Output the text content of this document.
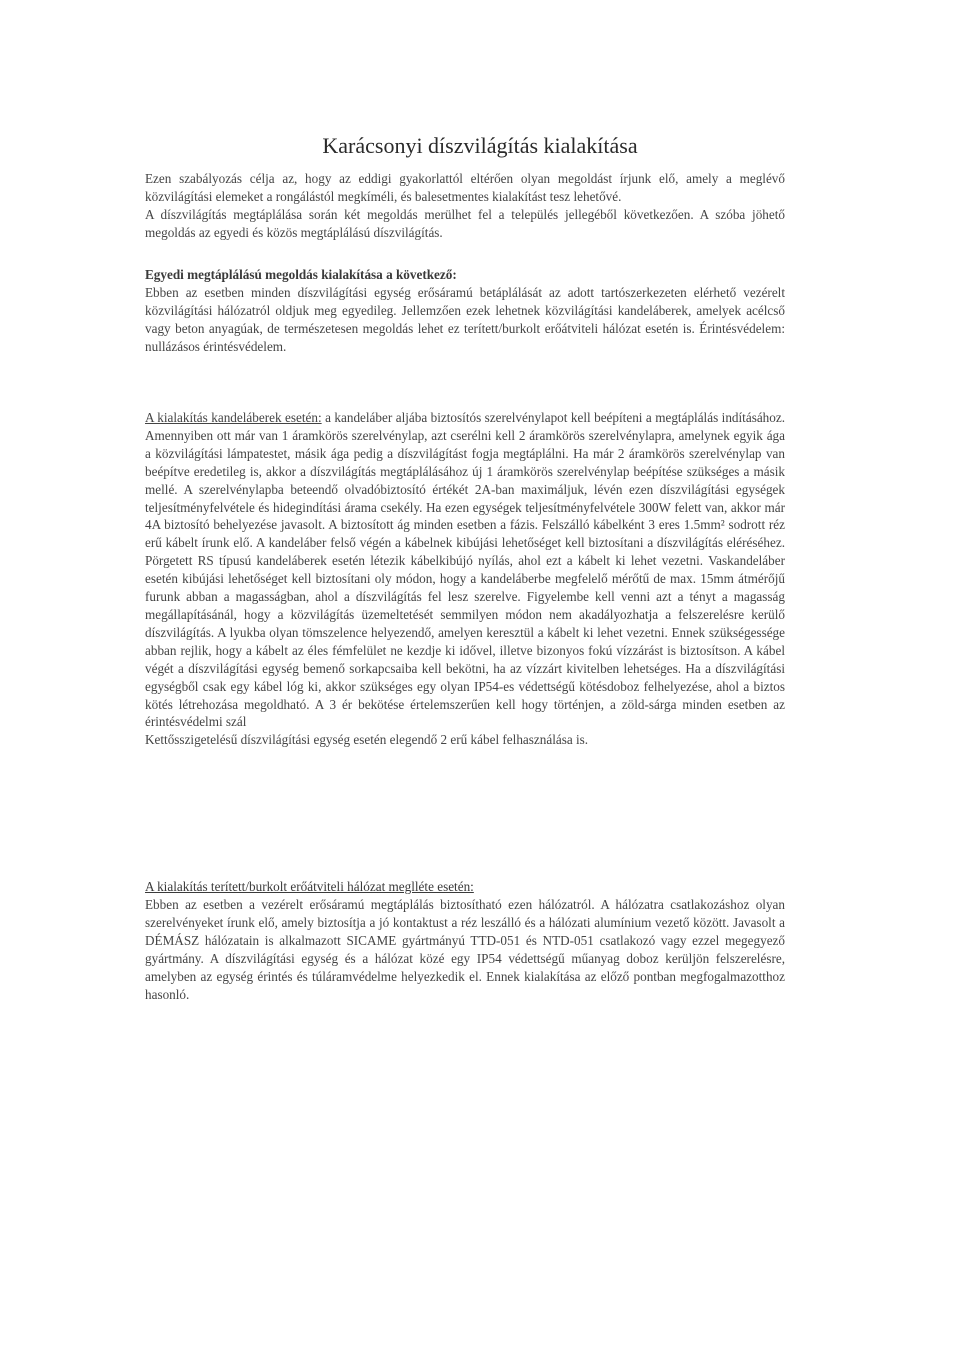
Karácsonyi díszvilágítás kialakítása

Ezen szabályozás célja az, hogy az eddigi gyakorlattól eltérően olyan megoldást írjunk elő, amely a meglévő közvilágítási elemeket a rongálástól megkíméli, és balesetmentes kialakítást tesz lehetővé.
A díszvilágítás megtáplálása során két megoldás merülhet fel a település jellegéből következően. A szóba jöhető megoldás az egyedi és közös megtáplálású díszvilágítás.

Egyedi megtáplálású megoldás kialakítása a következő:

Ebben az esetben minden díszvilágítási egység erősáramú betáplálását az adott tartószerkezeten elérhető vezérelt közvilágítási hálózatról oldjuk meg egyedileg. Jellemzően ezek lehetnek közvilágítási kandeláberek, amelyek acélcső vagy beton anyagúak, de természetesen megoldás lehet ez terített/burkolt erőátviteli hálózat esetén is. Érintésvédelem: nullázásos érintésvédelem.

A kialakítás kandeláberek esetén: a kandeláber aljába biztosítós szerelvénylapot kell beépíteni a megtáplálás indításához. Amennyiben ott már van 1 áramkörös szerelvénylap, azt cserélni kell 2 áramkörös szerelvénylapra, amelynek egyik ága a közvilágítási lámpatestet, másik ága pedig a díszvilágítást fogja megtáplálni. Ha már 2 áramkörös szerelvénylap van beépítve eredetileg is, akkor a díszvilágítás megtáplálásához új 1 áramkörös szerelvénylap beépítése szükséges a másik mellé. A szerelvénylapba beteendő olvadóbiztosító értékét 2A-ban maximáljuk, lévén ezen díszvilágítási egységek teljesítményfelvétele és hidegindítási árama csekély. Ha ezen egységek teljesítményfelvétele 300W felett van, akkor már 4A biztosító behelyezése javasolt. A biztosított ág minden esetben a fázis. Felszálló kábelként 3 eres 1.5mm² sodrott réz erű kábelt írunk elő. A kandeláber felső végén a kábelnek kibújási lehetőséget kell biztosítani a díszvilágítás eléréséhez. Pörgetett RS típusú kandeláberek esetén létezik kábelkibújó nyílás, ahol ezt a kábelt ki lehet vezetni. Vaskandeláber esetén kibújási lehetőséget kell biztosítani oly módon, hogy a kandeláberbe megfelelő mérőtű de max. 15mm átmérőjű furunk abban a magasságban, ahol a díszvilágítás fel lesz szerelve. Figyelembe kell venni azt a tényt a magasság megállapításánál, hogy a közvilágítás üzemeltetését semmilyen módon nem akadályozhatja a felszerelésre kerülő díszvilágítás. A lyukba olyan tömszelence helyezendő, amelyen keresztül a kábelt ki lehet vezetni. Ennek szükségessége abban rejlik, hogy a kábelt az éles fémfelület ne kezdje ki idővel, illetve bizonyos fokú vízzárást is biztosítson. A kábel végét a díszvilágítási egység bemenő sorkapcsaiba kell bekötni, ha az vízzárt kivitelben lehetséges. Ha a díszvilágítási egységből csak egy kábel lóg ki, akkor szükséges egy olyan IP54-es védettségű kötésdoboz felhelyezése, ahol a biztos kötés létrehozása megoldható. A 3 ér bekötése értelemszerűen kell hogy történjen, a zöld-sárga minden esetben az érintésvédelmi szál
Kettősszigetelésű díszvilágítási egység esetén elegendő 2 erű kábel felhasználása is.

A kialakítás terített/burkolt erőátviteli hálózat meglléte esetén:

Ebben az esetben a vezérelt erősáramú megtáplálás biztosítható ezen hálózatról. A hálózatra csatlakozáshoz olyan szerelvényeket írunk elő, amely biztosítja a jó kontaktust a réz leszálló és a hálózati alumínium vezető között. Javasolt a DÉMÁSZ hálózatain is alkalmazott SICAME gyártmányú TTD-051 és NTD-051 csatlakozó vagy ezzel megegyező gyártmány. A díszvilágítási egység és a hálózat közé egy IP54 védettségű műanyag doboz kerüljön felszerelésre, amelyben az egység érintés és túláramvédelme helyezkedik el. Ennek kialakítása az előző pontban megfogalmazotthoz hasonló.
